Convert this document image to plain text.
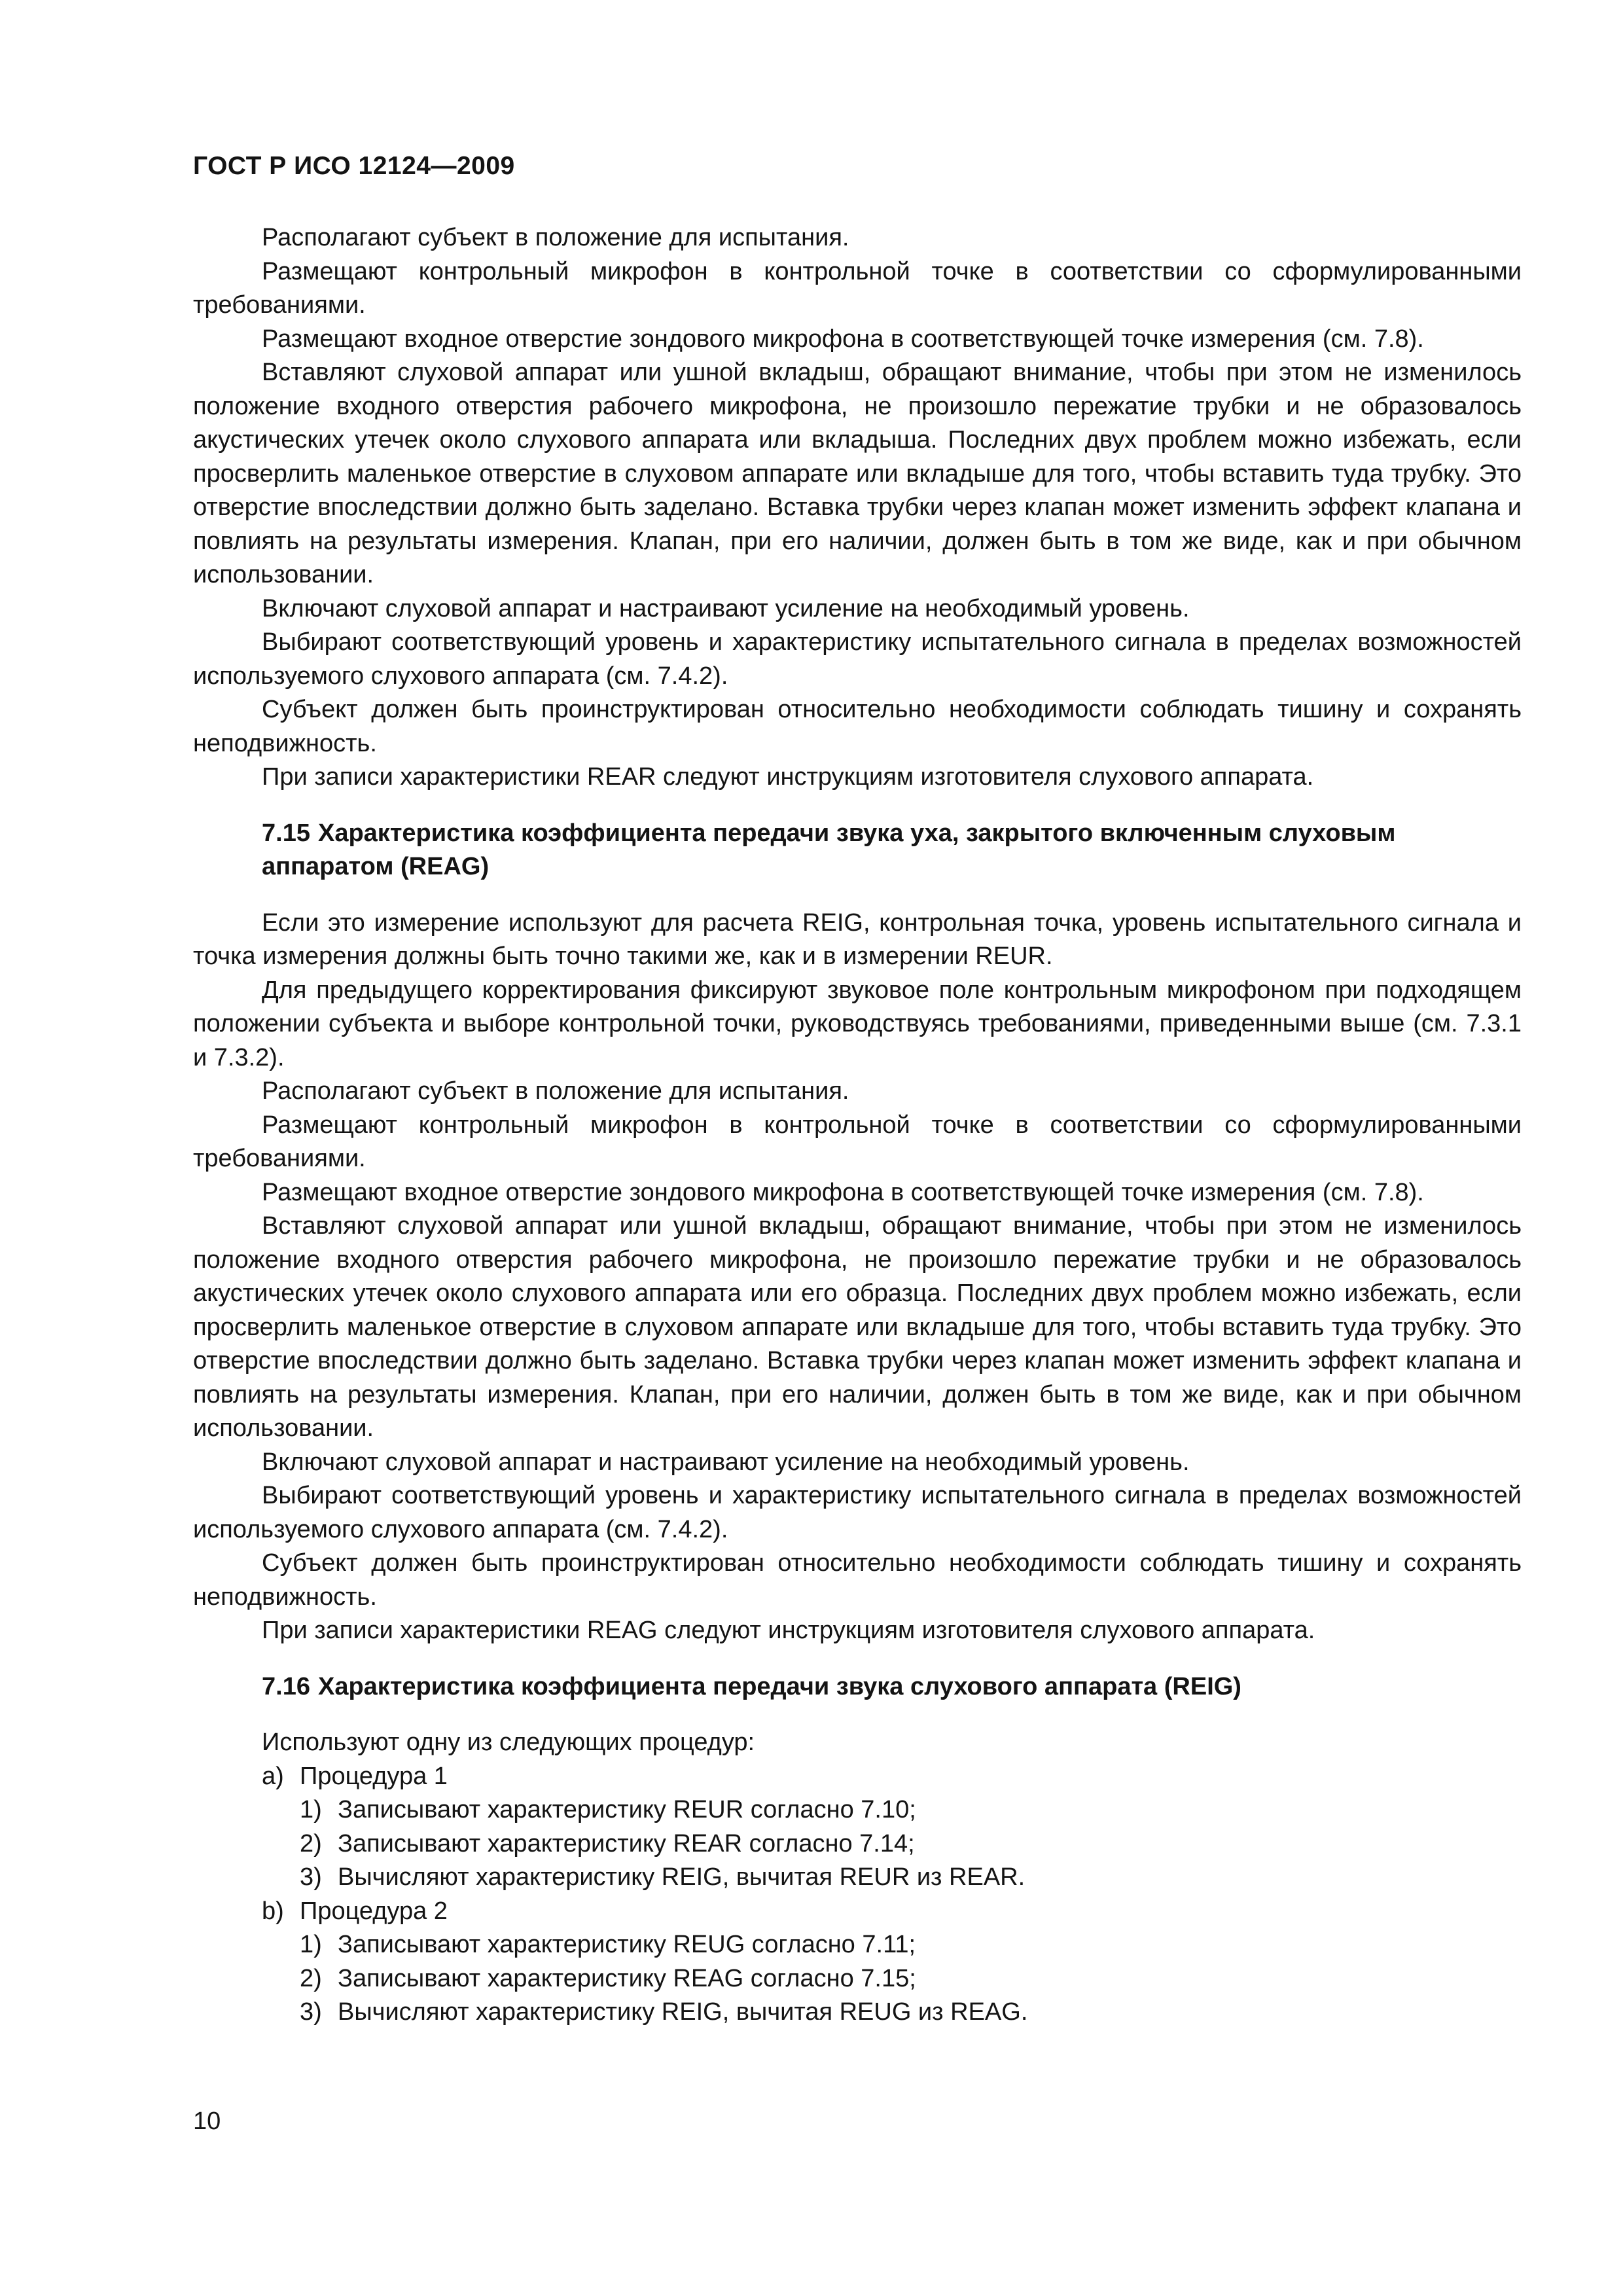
ГОСТ Р ИСО 12124—2009

Располагают субъект в положение для испытания.

Размещают контрольный микрофон в контрольной точке в соответствии со сформулированными требованиями.

Размещают входное отверстие зондового микрофона в соответствующей точке измерения (см. 7.8).

Вставляют слуховой аппарат или ушной вкладыш, обращают внимание, чтобы при этом не изменилось положение входного отверстия рабочего микрофона, не произошло пережатие трубки и не образовалось акустических утечек около слухового аппарата или вкладыша. Последних двух проблем можно избежать, если просверлить маленькое отверстие в слуховом аппарате или вкладыше для того, чтобы вставить туда трубку. Это отверстие впоследствии должно быть заделано. Вставка трубки через клапан может изменить эффект клапана и повлиять на результаты измерения. Клапан, при его наличии, должен быть в том же виде, как и при обычном использовании.

Включают слуховой аппарат и настраивают усиление на необходимый уровень.

Выбирают соответствующий уровень и характеристику испытательного сигнала в пределах возможностей используемого слухового аппарата (см. 7.4.2).

Субъект должен быть проинструктирован относительно необходимости соблюдать тишину и сохранять неподвижность.

При записи характеристики REAR следуют инструкциям изготовителя слухового аппарата.

7.15 Характеристика коэффициента передачи звука уха, закрытого включенным слуховым аппаратом (REAG)

Если это измерение используют для расчета REIG, контрольная точка, уровень испытательного сигнала и точка измерения должны быть точно такими же, как и в измерении REUR.

Для предыдущего корректирования фиксируют звуковое поле контрольным микрофоном при подходящем положении субъекта и выборе контрольной точки, руководствуясь требованиями, приведенными выше (см. 7.3.1 и 7.3.2).

Располагают субъект в положение для испытания.

Размещают контрольный микрофон в контрольной точке в соответствии со сформулированными требованиями.

Размещают входное отверстие зондового микрофона в соответствующей точке измерения (см. 7.8).

Вставляют слуховой аппарат или ушной вкладыш, обращают внимание, чтобы при этом не изменилось положение входного отверстия рабочего микрофона, не произошло пережатие трубки и не образовалось акустических утечек около слухового аппарата или его образца. Последних двух проблем можно избежать, если просверлить маленькое отверстие в слуховом аппарате или вкладыше для того, чтобы вставить туда трубку. Это отверстие впоследствии должно быть заделано. Вставка трубки через клапан может изменить эффект клапана и повлиять на результаты измерения. Клапан, при его наличии, должен быть в том же виде, как и при обычном использовании.

Включают слуховой аппарат и настраивают усиление на необходимый уровень.

Выбирают соответствующий уровень и характеристику испытательного сигнала в пределах возможностей используемого слухового аппарата (см. 7.4.2).

Субъект должен быть проинструктирован относительно необходимости соблюдать тишину и сохранять неподвижность.

При записи характеристики REAG следуют инструкциям изготовителя слухового аппарата.

7.16 Характеристика коэффициента передачи звука слухового аппарата (REIG)
Используют одну из следующих процедур:
a) Процедура 1
1) Записывают характеристику REUR согласно 7.10;
2) Записывают характеристику REAR согласно 7.14;
3) Вычисляют характеристику REIG, вычитая REUR из REAR.
b) Процедура 2
1) Записывают характеристику REUG согласно 7.11;
2) Записывают характеристику REAG согласно 7.15;
3) Вычисляют характеристику REIG, вычитая REUG из REAG.
10
